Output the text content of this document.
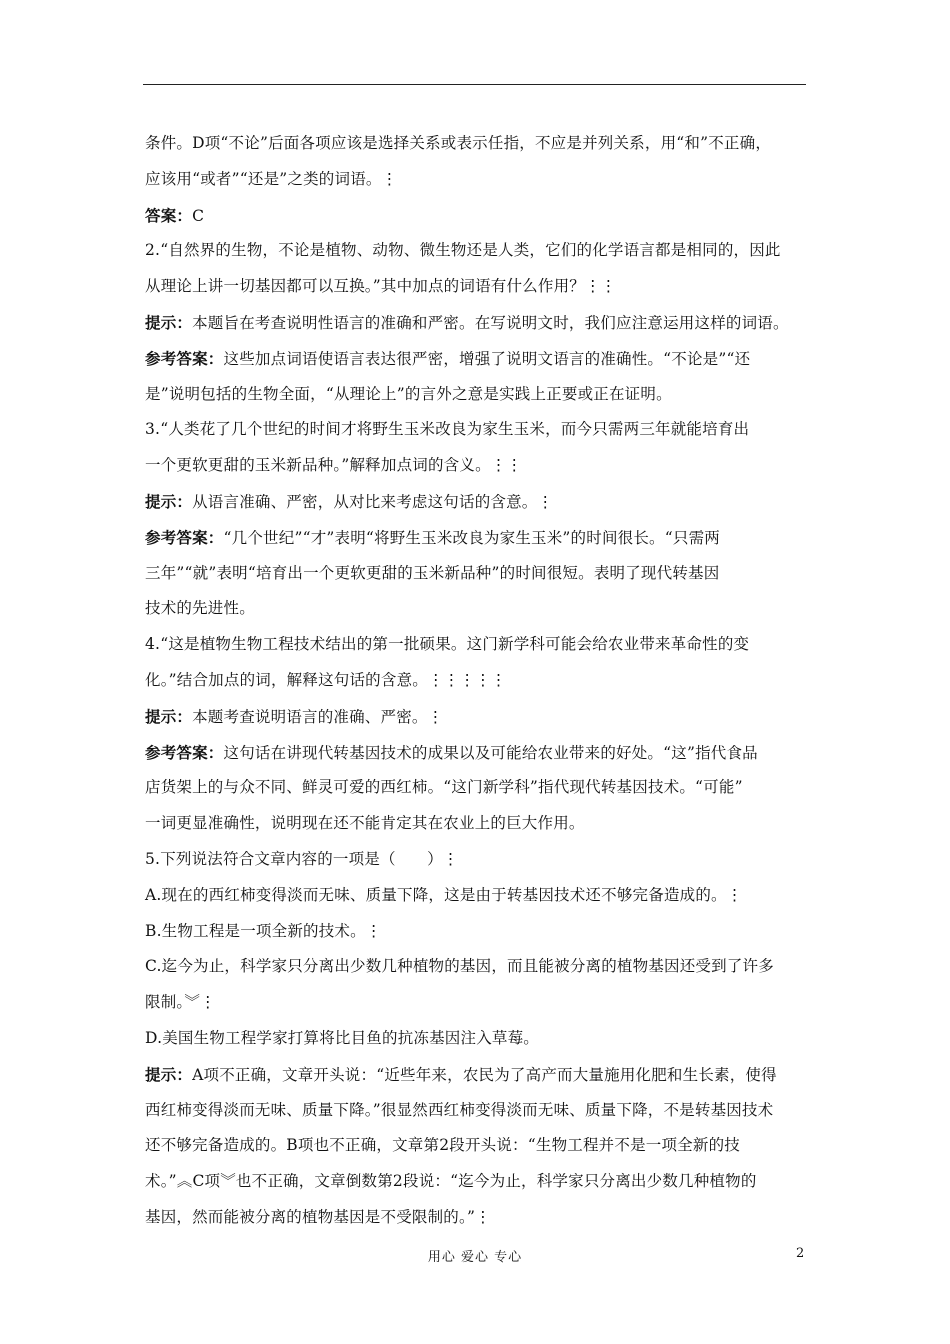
条件。D项“不论”后面各项应该是选择关系或表示任指，不应是并列关系，用“和”不正确，
应该用“或者”“还是”之类的词语。⋮
答案：C
2.“自然界的生物，不论是植物、动物、微生物还是人类，它们的化学语言都是相同的，因此
从理论上讲一切基因都可以互换。”其中加点的词语有什么作用？⋮⋮
提示：本题旨在考查说明性语言的准确和严密。在写说明文时，我们应注意运用这样的词语。
参考答案：这些加点词语使语言表达很严密，增强了说明文语言的准确性。“不论是”“还
是”说明包括的生物全面，“从理论上”的言外之意是实践上正要或正在证明。
3.“人类花了几个世纪的时间才将野生玉米改良为家生玉米，而今只需两三年就能培育出
一个更软更甜的玉米新品种。”解释加点词的含义。⋮⋮
提示：从语言准确、严密，从对比来考虑这句话的含意。⋮
参考答案：“几个世纪”“才”表明“将野生玉米改良为家生玉米”的时间很长。“只需两
三年”“就”表明“培育出一个更软更甜的玉米新品种”的时间很短。表明了现代转基因
技术的先进性。
4.“这是植物生物工程技术结出的第一批硕果。这门新学科可能会给农业带来革命性的变
化。”结合加点的词，解释这句话的含意。⋮⋮⋮⋮⋮
提示：本题考查说明语言的准确、严密。⋮
参考答案：这句话在讲现代转基因技术的成果以及可能给农业带来的好处。“这”指代食品
店货架上的与众不同、鲜灵可爱的西红柿。“这门新学科”指代现代转基因技术。“可能”
一词更显准确性，说明现在还不能肯定其在农业上的巨大作用。
5.下列说法符合文章内容的一项是（　　）⋮
A.现在的西红柿变得淡而无味、质量下降，这是由于转基因技术还不够完备造成的。⋮
B.生物工程是一项全新的技术。⋮
C.迄今为止，科学家只分离出少数几种植物的基因，而且能被分离的植物基因还受到了许多
限制。︾⋮
D.美国生物工程学家打算将比目鱼的抗冻基因注入草莓。
提示：A项不正确，文章开头说：“近些年来，农民为了高产而大量施用化肥和生长素，使得
西红柿变得淡而无味、质量下降。”很显然西红柿变得淡而无味、质量下降，不是转基因技术
还不够完备造成的。B项也不正确，文章第2段开头说：“生物工程并不是一项全新的技
术。”︽C项︾也不正确，文章倒数第2段说：“迄今为止，科学家只分离出少数几种植物的
基因，然而能被分离的植物基因是不受限制的。”⋮
用心 爱心 专心	2
